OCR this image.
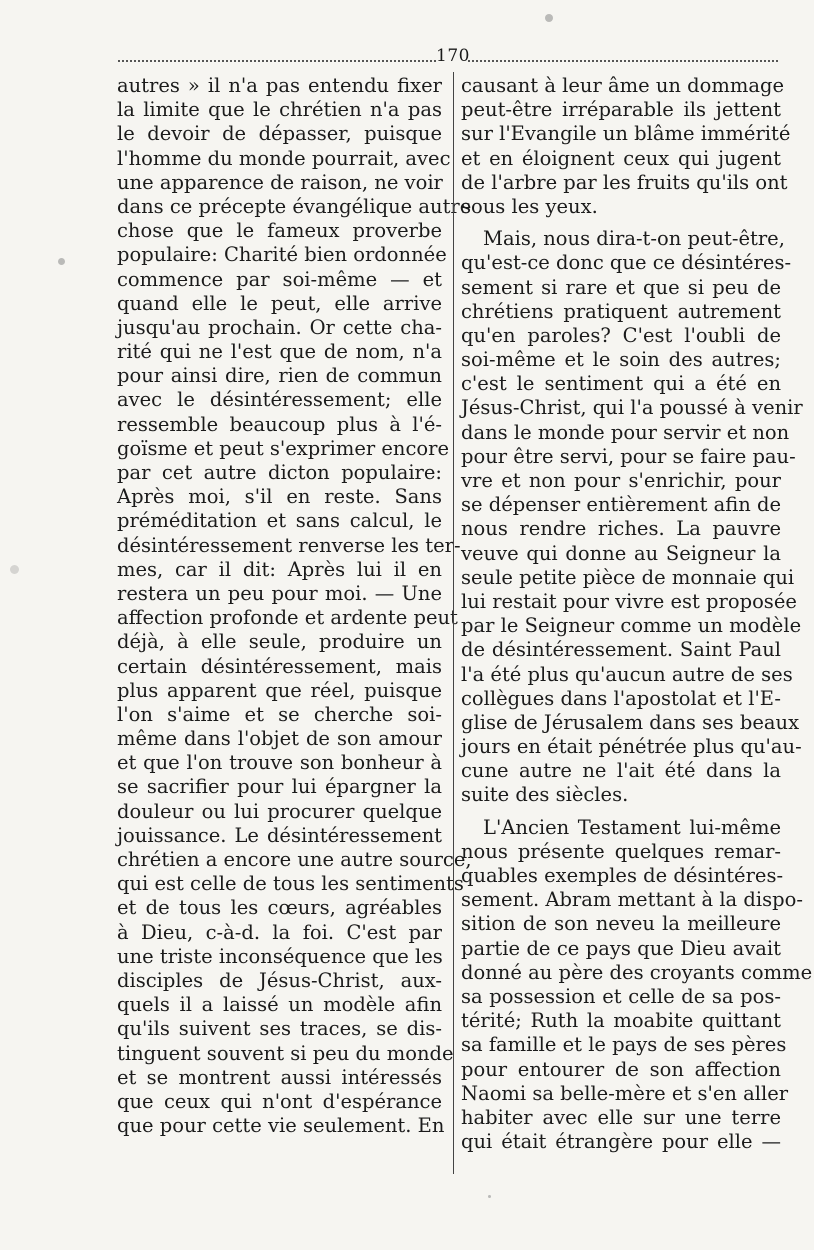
170
autres » il n'a pas entendu fixer
la limite que le chrétien n'a pas
le devoir de dépasser, puisque
l'homme du monde pourrait, avec
une apparence de raison, ne voir
dans ce précepte évangélique autre
chose que le fameux proverbe
populaire: Charité bien ordonnée
commence par soi-même — et
quand elle le peut, elle arrive
jusqu'au prochain. Or cette cha-
rité qui ne l'est que de nom, n'a
pour ainsi dire, rien de commun
avec le désintéressement; elle
ressemble beaucoup plus à l'é-
goïsme et peut s'exprimer encore
par cet autre dicton populaire:
Après moi, s'il en reste. Sans
préméditation et sans calcul, le
désintéressement renverse les ter-
mes, car il dit: Après lui il en
restera un peu pour moi. — Une
affection profonde et ardente peut
déjà, à elle seule, produire un
certain désintéressement, mais
plus apparent que réel, puisque
l'on s'aime et se cherche soi-
même dans l'objet de son amour
et que l'on trouve son bonheur à
se sacrifier pour lui épargner la
douleur ou lui procurer quelque
jouissance. Le désintéressement
chrétien a encore une autre source,
qui est celle de tous les sentiments
et de tous les cœurs, agréables
à Dieu, c-à-d. la foi. C'est par
une triste inconséquence que les
disciples de Jésus-Christ, aux-
quels il a laissé un modèle afin
qu'ils suivent ses traces, se dis-
tinguent souvent si peu du monde
et se montrent aussi intéressés
que ceux qui n'ont d'espérance
que pour cette vie seulement. En
causant à leur âme un dommage
peut-être irréparable ils jettent
sur l'Evangile un blâme immérité
et en éloignent ceux qui jugent
de l'arbre par les fruits qu'ils ont
sous les yeux.
Mais, nous dira-t-on peut-être,
qu'est-ce donc que ce désintéres-
sement si rare et que si peu de
chrétiens pratiquent autrement
qu'en paroles? C'est l'oubli de
soi-même et le soin des autres;
c'est le sentiment qui a été en
Jésus-Christ, qui l'a poussé à venir
dans le monde pour servir et non
pour être servi, pour se faire pau-
vre et non pour s'enrichir, pour
se dépenser entièrement afin de
nous rendre riches. La pauvre
veuve qui donne au Seigneur la
seule petite pièce de monnaie qui
lui restait pour vivre est proposée
par le Seigneur comme un modèle
de désintéressement. Saint Paul
l'a été plus qu'aucun autre de ses
collègues dans l'apostolat et l'E-
glise de Jérusalem dans ses beaux
jours en était pénétrée plus qu'au-
cune autre ne l'ait été dans la
suite des siècles.
L'Ancien Testament lui-même
nous présente quelques remar-
quables exemples de désintéres-
sement. Abram mettant à la dispo-
sition de son neveu la meilleure
partie de ce pays que Dieu avait
donné au père des croyants comme
sa possession et celle de sa pos-
térité; Ruth la moabite quittant
sa famille et le pays de ses pères
pour entourer de son affection
Naomi sa belle-mère et s'en aller
habiter avec elle sur une terre
qui était étrangère pour elle —
